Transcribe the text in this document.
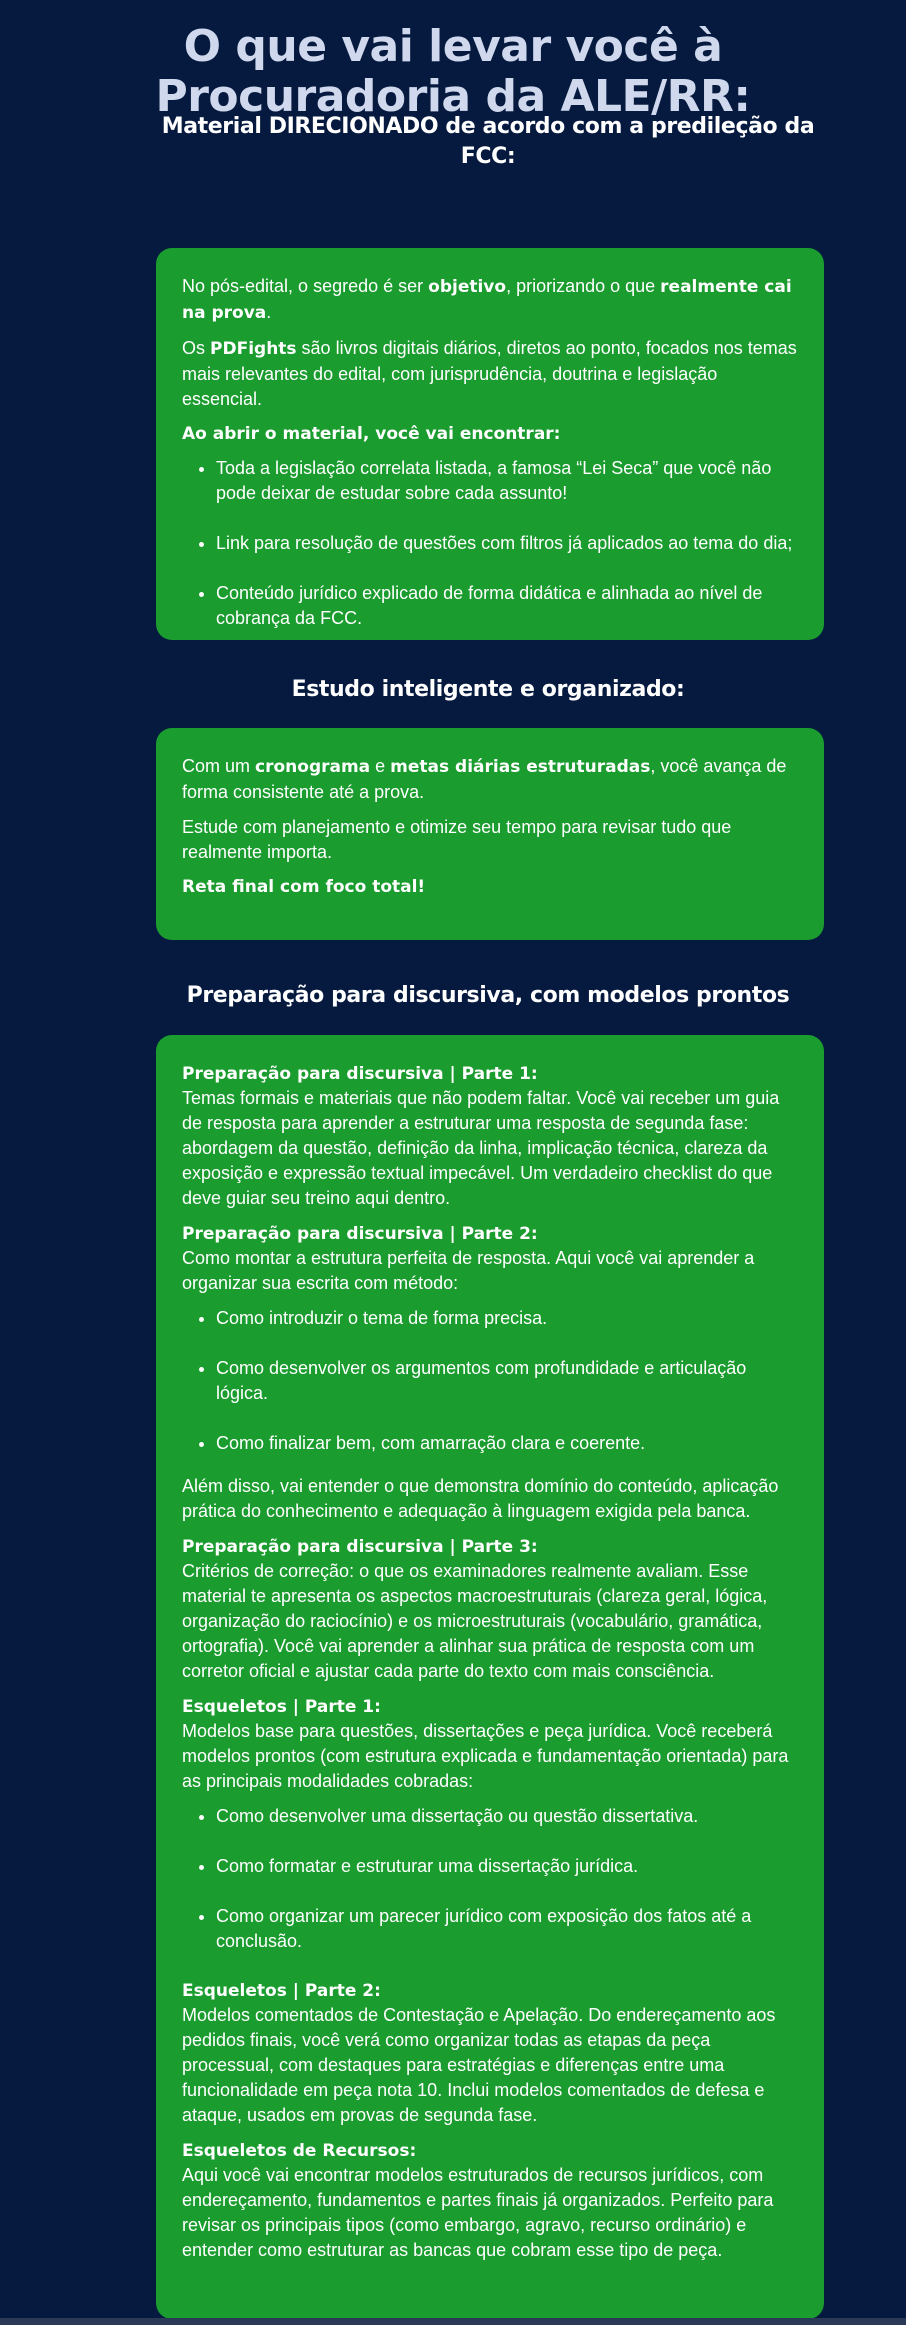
O que vai levar você à
Procuradoria da ALE/RR:
Material DIRECIONADO de acordo com a predileção da FCC:

No pós-edital, o segredo é ser objetivo, priorizando o que realmente cai na prova.

Os PDFights são livros digitais diários, diretos ao ponto, focados nos temas mais relevantes do edital, com jurisprudência, doutrina e legislação essencial.

Ao abrir o material, você vai encontrar:

• Toda a legislação correlata listada, a famosa “Lei Seca” que você não pode deixar de estudar sobre cada assunto!
• Link para resolução de questões com filtros já aplicados ao tema do dia;
• Conteúdo jurídico explicado de forma didática e alinhada ao nível de cobrança da FCC.
Estudo inteligente e organizado:

Com um cronograma e metas diárias estruturadas, você avança de forma consistente até a prova.

Estude com planejamento e otimize seu tempo para revisar tudo que realmente importa.

Reta final com foco total!

Preparação para discursiva, com modelos prontos

Preparação para discursiva | Parte 1:
Temas formais e materiais que não podem faltar. Você vai receber um guia de resposta para aprender a estruturar uma resposta de segunda fase: abordagem da questão, definição da linha, implicação técnica, clareza da exposição e expressão textual impecável. Um verdadeiro checklist do que deve guiar seu treino aqui dentro.

Preparação para discursiva | Parte 2:
Como montar a estrutura perfeita de resposta. Aqui você vai aprender a organizar sua escrita com método:

• Como introduzir o tema de forma precisa.
• Como desenvolver os argumentos com profundidade e articulação lógica.
• Como finalizar bem, com amarração clara e coerente.

Além disso, vai entender o que demonstra domínio do conteúdo, aplicação prática do conhecimento e adequação à linguagem exigida pela banca.

Preparação para discursiva | Parte 3:
Critérios de correção: o que os examinadores realmente avaliam. Esse material te apresenta os aspectos macroestruturais (clareza geral, lógica, organização do raciocínio) e os microestruturais (vocabulário, gramática, ortografia). Você vai aprender a alinhar sua prática de resposta com um corretor oficial e ajustar cada parte do texto com mais consciência.

Esqueletos | Parte 1:
Modelos base para questões, dissertações e peça jurídica. Você receberá modelos prontos (com estrutura explicada e fundamentação orientada) para as principais modalidades cobradas:

• Como desenvolver uma dissertação ou questão dissertativa.
• Como formatar e estruturar uma dissertação jurídica.
• Como organizar um parecer jurídico com exposição dos fatos até a conclusão.

Esqueletos | Parte 2:
Modelos comentados de Contestação e Apelação. Do endereçamento aos pedidos finais, você verá como organizar todas as etapas da peça processual, com destaques para estratégias e diferenças entre uma funcionalidade em peça nota 10. Inclui modelos comentados de defesa e ataque, usados em provas de segunda fase.

Esqueletos de Recursos:
Aqui você vai encontrar modelos estruturados de recursos jurídicos, com endereçamento, fundamentos e partes finais já organizados. Perfeito para revisar os principais tipos (como embargo, agravo, recurso ordinário) e entender como estruturar as bancas que cobram esse tipo de peça.
